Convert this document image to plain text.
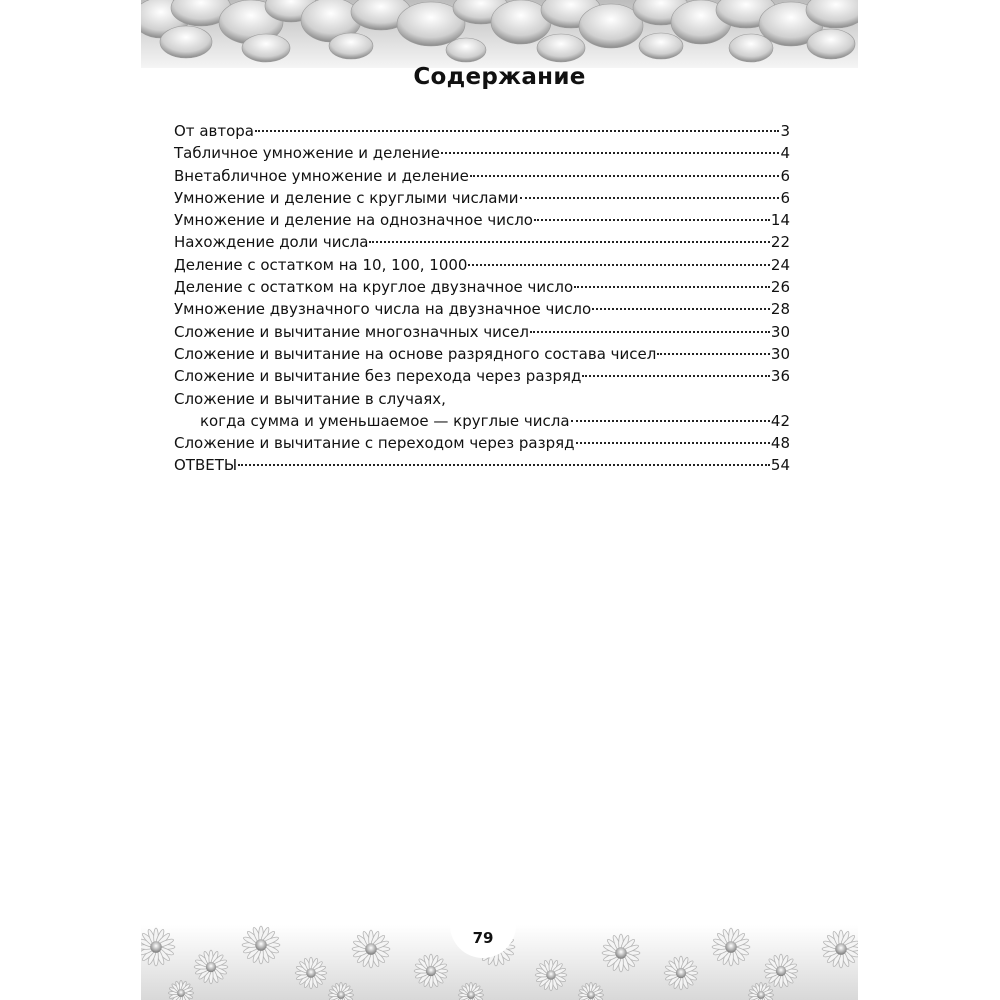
Содержание
От автора	3
Табличное умножение и деление	4
Внетабличное умножение и деление	6
Умножение и деление с круглыми числами	6
Умножение и деление на однозначное число	14
Нахождение доли числа	22
Деление с остатком на 10, 100, 1000	24
Деление с остатком на круглое двузначное число	26
Умножение двузначного числа на двузначное число	28
Сложение и вычитание многозначных чисел	30
Сложение и вычитание на основе разрядного состава чисел	30
Сложение и вычитание без перехода через разряд	36
Сложение и вычитание в случаях,
когда сумма и уменьшаемое — круглые числа	42
Сложение и вычитание с переходом через разряд	48
ОТВЕТЫ	54
79
